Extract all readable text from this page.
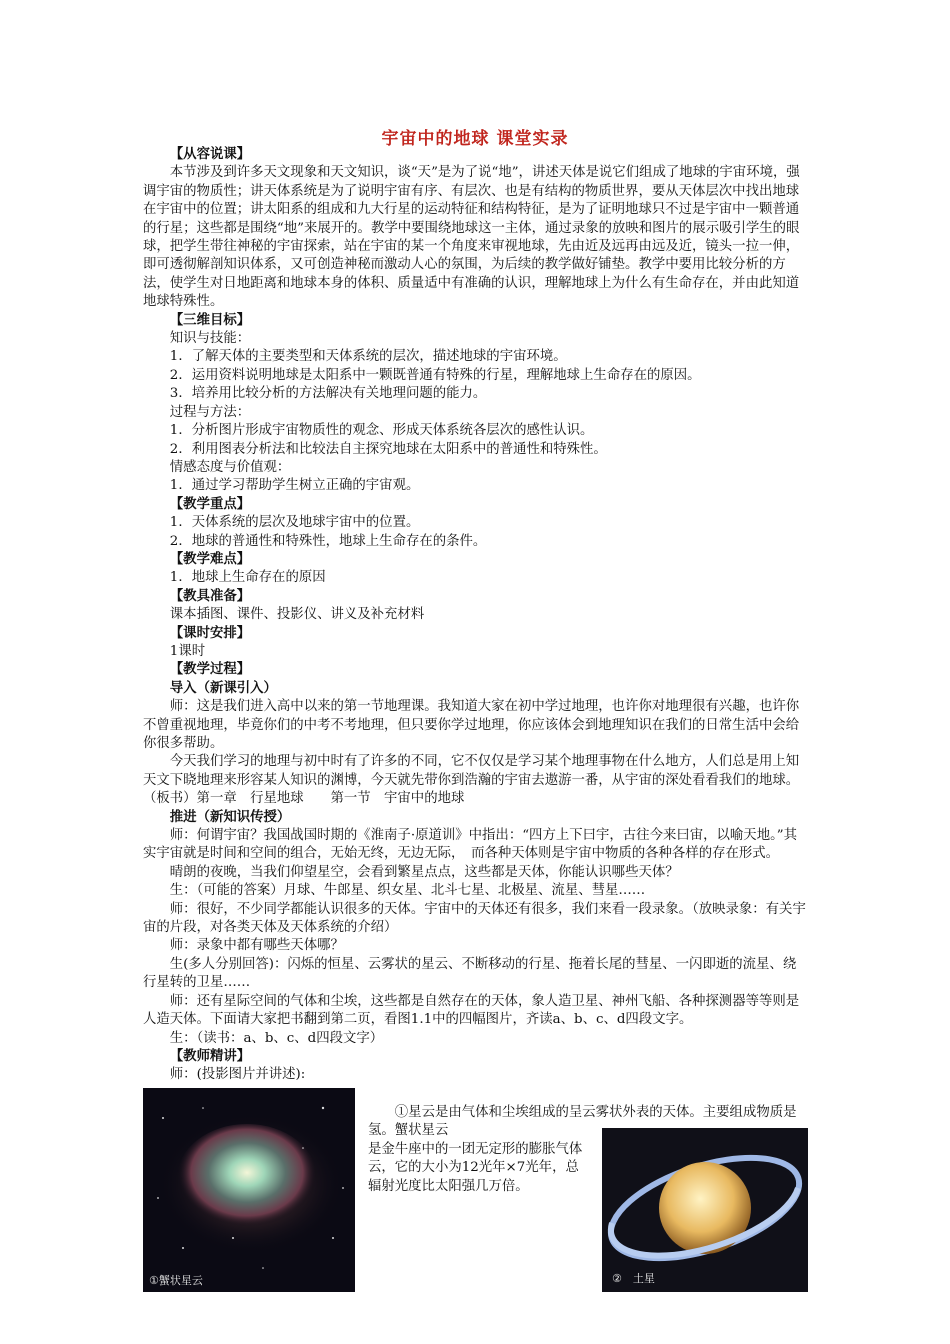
宇宙中的地球 课堂实录

【从容说课】

本节涉及到许多天文现象和天文知识，谈“天”是为了说“地”，讲述天体是说它们组成了地球的宇宙环境，强调宇宙的物质性；讲天体系统是为了说明宇宙有序、有层次、也是有结构的物质世界，要从天体层次中找出地球在宇宙中的位置；讲太阳系的组成和九大行星的运动特征和结构特征，是为了证明地球只不过是宇宙中一颗普通的行星；这些都是围绕“地”来展开的。教学中要围绕地球这一主体，通过录象的放映和图片的展示吸引学生的眼球，把学生带往神秘的宇宙探索，站在宇宙的某一个角度来审视地球，先由近及远再由远及近，镜头一拉一伸，即可透彻解剖知识体系，又可创造神秘而激动人心的氛围，为后续的教学做好铺垫。教学中要用比较分析的方法，使学生对日地距离和地球本身的体积、质量适中有准确的认识，理解地球上为什么有生命存在，并由此知道地球特殊性。

【三维目标】

知识与技能：

1．了解天体的主要类型和天体系统的层次，描述地球的宇宙环境。

2．运用资料说明地球是太阳系中一颗既普通有特殊的行星，理解地球上生命存在的原因。

3．培养用比较分析的方法解决有关地理问题的能力。

过程与方法：

1．分析图片形成宇宙物质性的观念、形成天体系统各层次的感性认识。

2．利用图表分析法和比较法自主探究地球在太阳系中的普通性和特殊性。

情感态度与价值观：

1．通过学习帮助学生树立正确的宇宙观。

【教学重点】

1．天体系统的层次及地球宇宙中的位置。

2．地球的普通性和特殊性，地球上生命存在的条件。

【教学难点】

1．地球上生命存在的原因

【教具准备】

课本插图、课件、投影仪、讲义及补充材料

【课时安排】

1课时

【教学过程】

导入（新课引入）

师：这是我们进入高中以来的第一节地理课。我知道大家在初中学过地理，也许你对地理很有兴趣，也许你不曾重视地理，毕竟你们的中考不考地理，但只要你学过地理，你应该体会到地理知识在我们的日常生活中会给你很多帮助。

今天我们学习的地理与初中时有了许多的不同，它不仅仅是学习某个地理事物在什么地方，人们总是用上知天文下晓地理来形容某人知识的渊博，今天就先带你到浩瀚的宇宙去遨游一番，从宇宙的深处看看我们的地球。（板书）第一章　行星地球　　第一节　宇宙中的地球

推进（新知识传授）

师：何谓宇宙？我国战国时期的《淮南子·原道训》中指出：“四方上下曰宇，古往今来曰宙，以喻天地。”其实宇宙就是时间和空间的组合，无始无终，无边无际，　而各种天体则是宇宙中物质的各种各样的存在形式。

晴朗的夜晚，当我们仰望星空，会看到繁星点点，这些都是天体，你能认识哪些天体？

生：（可能的答案）月球、牛郎星、织女星、北斗七星、北极星、流星、彗星……

师：很好，不少同学都能认识很多的天体。宇宙中的天体还有很多，我们来看一段录象。（放映录象：有关宇宙的片段，对各类天体及天体系统的介绍）

师：录象中都有哪些天体哪？

生(多人分别回答)：闪烁的恒星、云雾状的星云、不断移动的行星、拖着长尾的彗星、一闪即逝的流星、绕行星转的卫星……

师：还有星际空间的气体和尘埃，这些都是自然存在的天体，象人造卫星、神州飞船、各种探测器等等则是人造天体。下面请大家把书翻到第二页，看图1.1中的四幅图片，齐读a、b、c、d四段文字。

生：（读书：a、b、c、d四段文字）

【教师精讲】

师：(投影图片并讲述):

①蟹状星云

①星云是由气体和尘埃组成的呈云雾状外表的天体。主要组成物质是氢。蟹状星云

是金牛座中的一团无定形的膨胀气体云，它的大小为12光年×7光年，总辐射光度比太阳强几万倍。

②　土星
